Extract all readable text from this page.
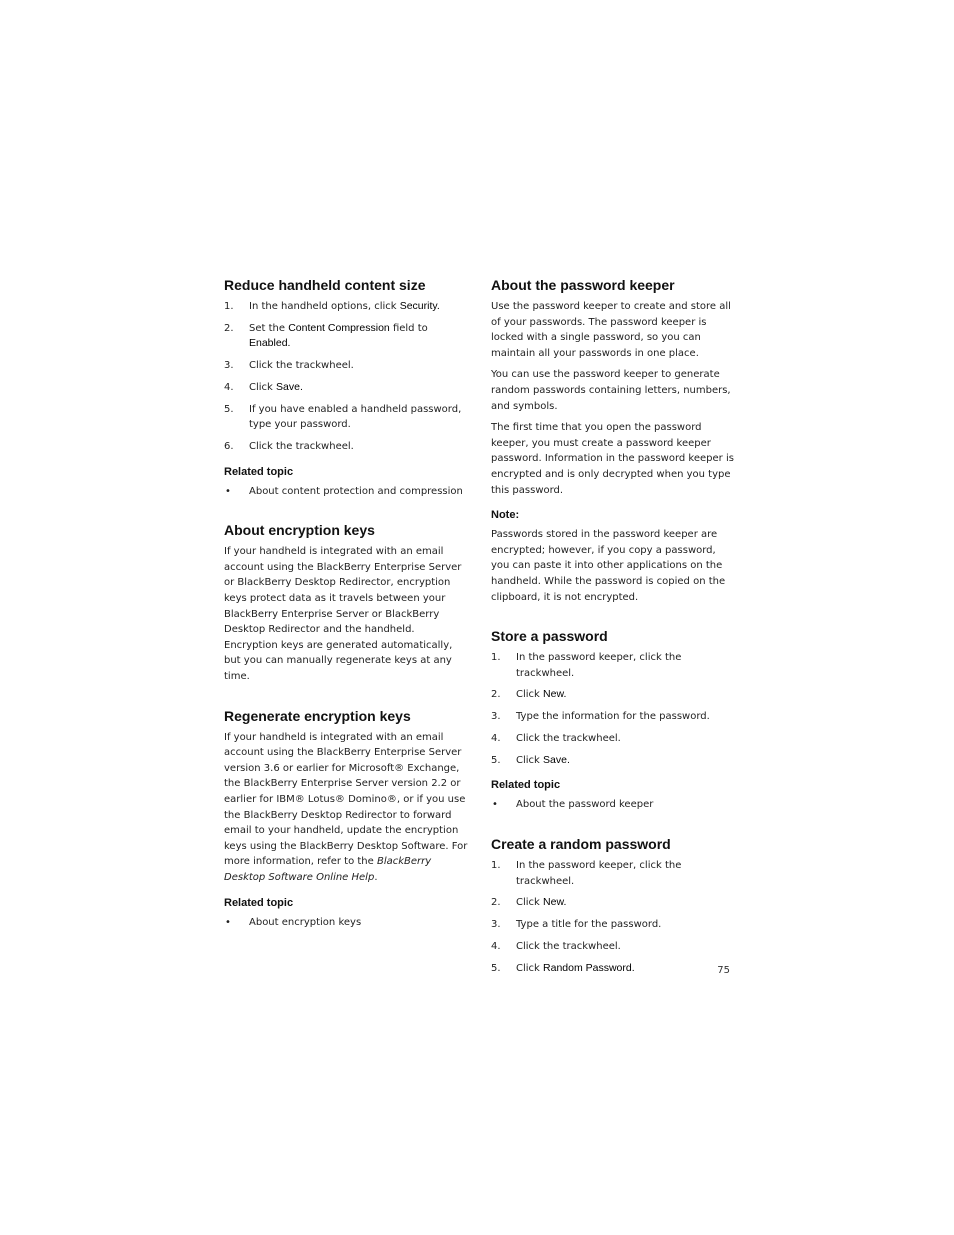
Reduce handheld content size
1. In the handheld options, click Security.
2. Set the Content Compression field to
Enabled.
3. Click the trackwheel.
4. Click Save.
5. If you have enabled a handheld password, type your password.
6. Click the trackwheel.
Related topic
• About content protection and compression
About encryption keys

If your handheld is integrated with an email account using the BlackBerry Enterprise Server or BlackBerry Desktop Redirector, encryption keys protect data as it travels between your BlackBerry Enterprise Server or BlackBerry Desktop Redirector and the handheld. Encryption keys are generated automatically, but you can manually regenerate keys at any time.

Regenerate encryption keys

If your handheld is integrated with an email account using the BlackBerry Enterprise Server version 3.6 or earlier for Microsoft® Exchange, the BlackBerry Enterprise Server version 2.2 or earlier for IBM® Lotus® Domino®, or if you use the BlackBerry Desktop Redirector to forward email to your handheld, update the encryption keys using the BlackBerry Desktop Software. For more information, refer to the BlackBerry Desktop Software Online Help.

Related topic
• About encryption keys
About the password keeper

Use the password keeper to create and store all of your passwords. The password keeper is locked with a single password, so you can maintain all your passwords in one place.

You can use the password keeper to generate random passwords containing letters, numbers, and symbols.

The first time that you open the password keeper, you must create a password keeper password. Information in the password keeper is encrypted and is only decrypted when you type this password.

Note:

Passwords stored in the password keeper are encrypted; however, if you copy a password, you can paste it into other applications on the handheld. While the password is copied on the clipboard, it is not encrypted.

Store a password
1. In the password keeper, click the trackwheel.
2. Click New.
3. Type the information for the password.
4. Click the trackwheel.
5. Click Save.
Related topic
• About the password keeper
Create a random password
1. In the password keeper, click the trackwheel.
2. Click New.
3. Type a title for the password.
4. Click the trackwheel.
5. Click Random Password.	75
